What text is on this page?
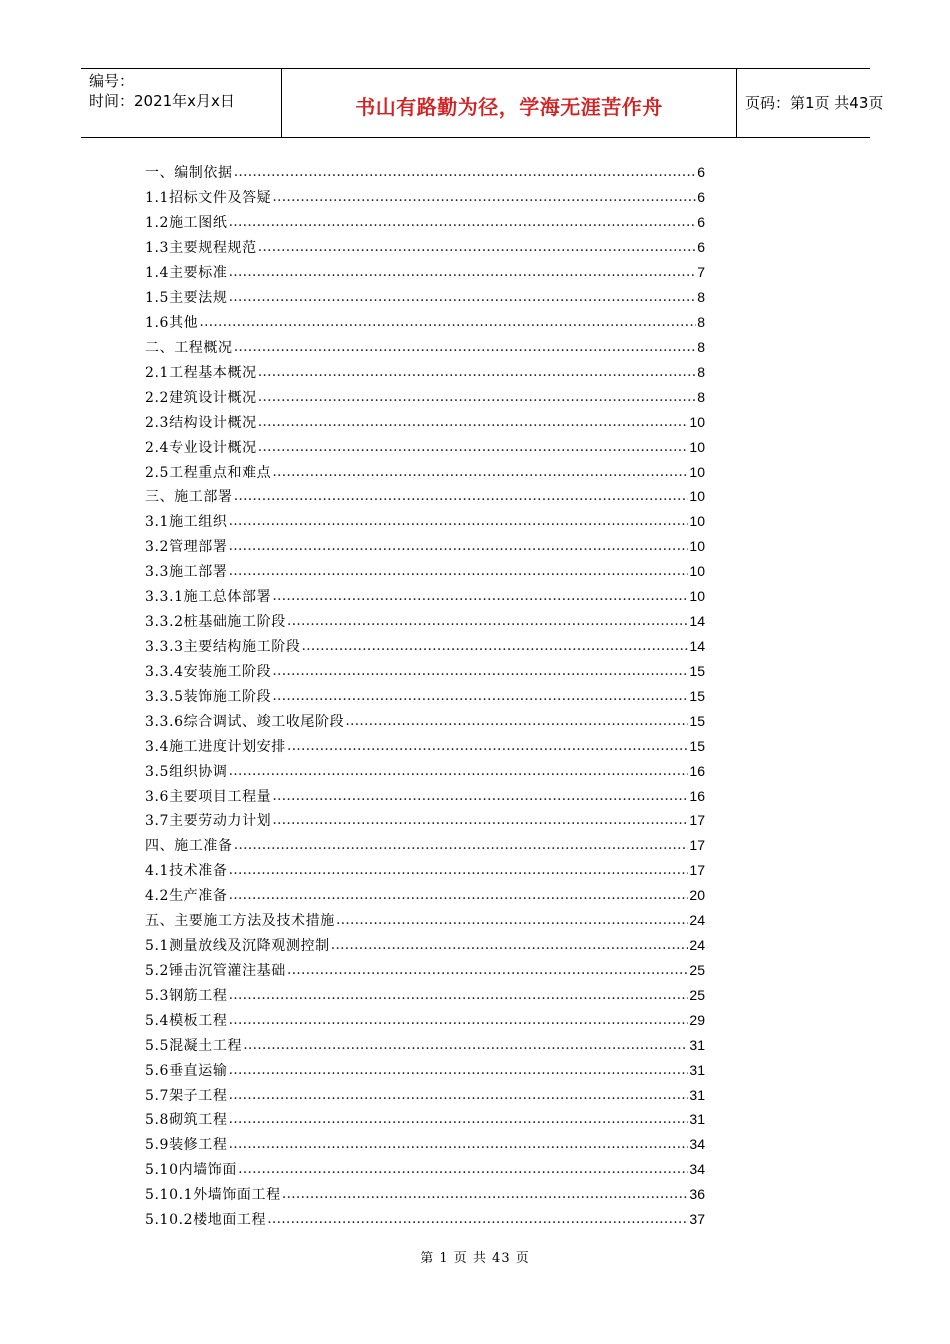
编号：
时间：2021年x月x日	书山有路勤为径，学海无涯苦作舟	页码：第1页 共43页
一、编制依据 …………………………………………………………………………………………………………………………	6
1.1招标文件及答疑 …………………………………………………………………………………………………………………………	6
1.2施工图纸 …………………………………………………………………………………………………………………………	6
1.3主要规程规范 …………………………………………………………………………………………………………………………	6
1.4主要标准 …………………………………………………………………………………………………………………………	7
1.5主要法规 …………………………………………………………………………………………………………………………	8
1.6其他 …………………………………………………………………………………………………………………………	8
二、工程概况 …………………………………………………………………………………………………………………………	8
2.1工程基本概况 …………………………………………………………………………………………………………………………	8
2.2建筑设计概况 …………………………………………………………………………………………………………………………	8
2.3结构设计概况 …………………………………………………………………………………………………………………………	10
2.4专业设计概况 …………………………………………………………………………………………………………………………	10
2.5工程重点和难点 …………………………………………………………………………………………………………………………	10
三、施工部署 …………………………………………………………………………………………………………………………	10
3.1施工组织 …………………………………………………………………………………………………………………………	10
3.2管理部署 …………………………………………………………………………………………………………………………	10
3.3施工部署 …………………………………………………………………………………………………………………………	10
3.3.1施工总体部署 …………………………………………………………………………………………………………………………	10
3.3.2桩基础施工阶段 …………………………………………………………………………………………………………………………	14
3.3.3主要结构施工阶段 …………………………………………………………………………………………………………………………	14
3.3.4安装施工阶段 …………………………………………………………………………………………………………………………	15
3.3.5装饰施工阶段 …………………………………………………………………………………………………………………………	15
3.3.6综合调试、竣工收尾阶段 …………………………………………………………………………………………………………………………	15
3.4施工进度计划安排 …………………………………………………………………………………………………………………………	15
3.5组织协调 …………………………………………………………………………………………………………………………	16
3.6主要项目工程量 …………………………………………………………………………………………………………………………	16
3.7主要劳动力计划 …………………………………………………………………………………………………………………………	17
四、施工准备 …………………………………………………………………………………………………………………………	17
4.1技术准备 …………………………………………………………………………………………………………………………	17
4.2生产准备 …………………………………………………………………………………………………………………………	20
五、主要施工方法及技术措施 …………………………………………………………………………………………………………………………	24
5.1测量放线及沉降观测控制 …………………………………………………………………………………………………………………………	24
5.2锤击沉管灌注基础 …………………………………………………………………………………………………………………………	25
5.3钢筋工程 …………………………………………………………………………………………………………………………	25
5.4模板工程 …………………………………………………………………………………………………………………………	29
5.5混凝土工程 …………………………………………………………………………………………………………………………	31
5.6垂直运输 …………………………………………………………………………………………………………………………	31
5.7架子工程 …………………………………………………………………………………………………………………………	31
5.8砌筑工程 …………………………………………………………………………………………………………………………	31
5.9装修工程 …………………………………………………………………………………………………………………………	34
5.10内墙饰面 …………………………………………………………………………………………………………………………	34
5.10.1外墙饰面工程 …………………………………………………………………………………………………………………………	36
5.10.2楼地面工程 …………………………………………………………………………………………………………………………	37
第 1 页 共 43 页
